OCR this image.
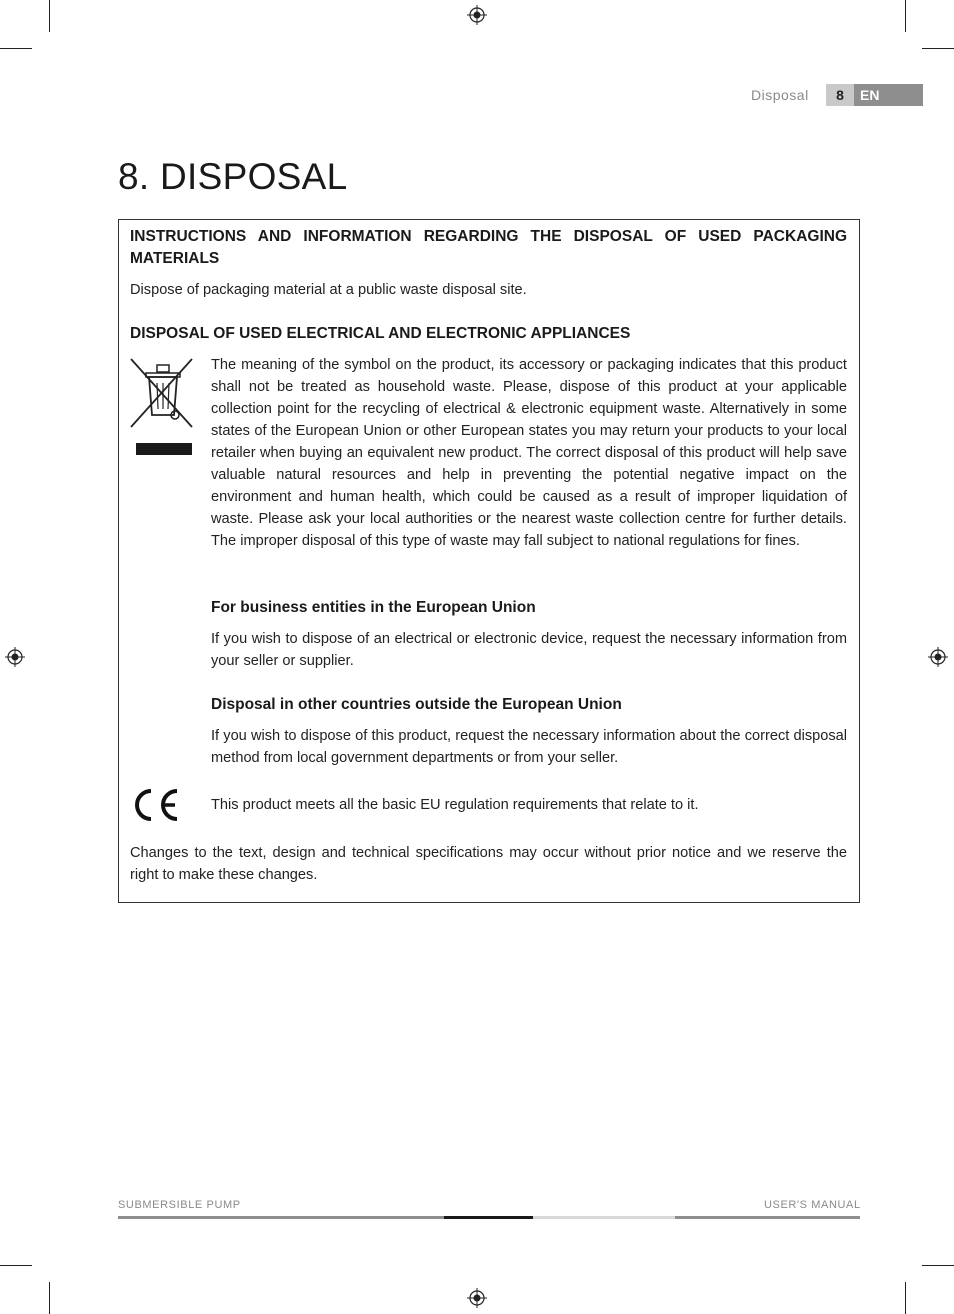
Disposal	8	EN
8. DISPOSAL

INSTRUCTIONS AND INFORMATION REGARDING THE DISPOSAL OF USED PACKAGING MATERIALS

Dispose of packaging material at a public waste disposal site.

DISPOSAL OF USED ELECTRICAL AND ELECTRONIC APPLIANCES

The meaning of the symbol on the product, its accessory or packaging indicates that this product shall not be treated as household waste. Please, dispose of this product at your applicable collection point for the recycling of electrical & electronic equipment waste. Alternatively in some states of the European Union or other European states you may return your products to your local retailer when buying an equivalent new product. The correct disposal of this product will help save valuable natural resources and help in preventing the potential negative impact on the environment and human health, which could be caused as a result of improper liquidation of waste. Please ask your local authorities or the nearest waste collection centre for further details. The improper disposal of this type of waste may fall subject to national regulations for fines.

For business entities in the European Union

If you wish to dispose of an electrical or electronic device, request the necessary information from your seller or supplier.

Disposal in other countries outside the European Union

If you wish to dispose of this product, request the necessary information about the correct disposal method from local government departments or from your seller.

This product meets all the basic EU regulation requirements that relate to it.

Changes to the text, design and technical specifications may occur without prior notice and we reserve the right to make these changes.

SUBMERSIBLE PUMP	USER'S MANUAL
